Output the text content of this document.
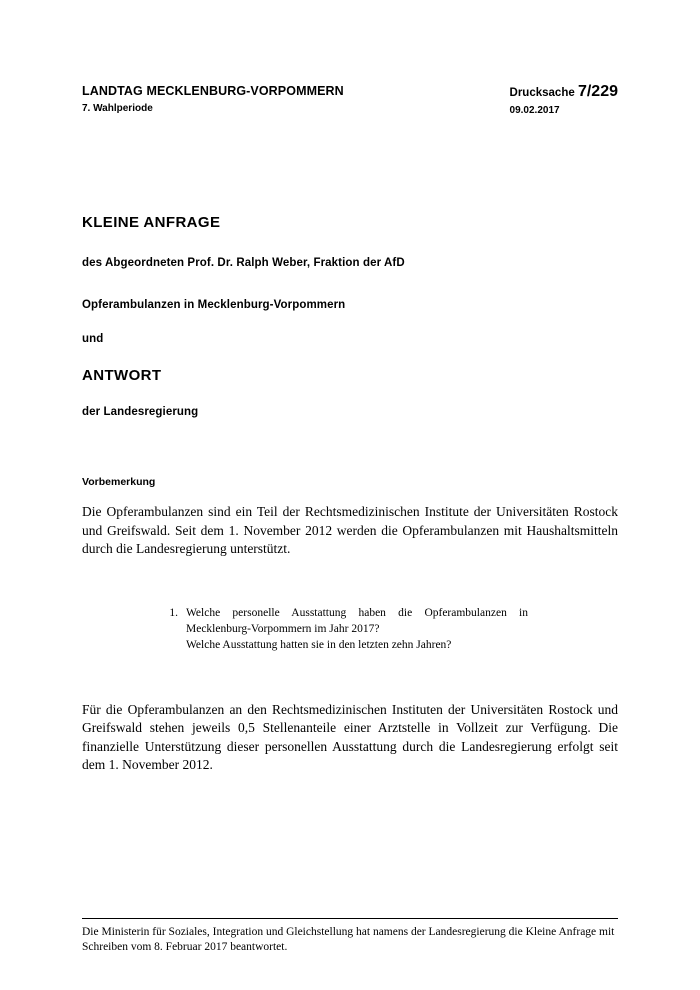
LANDTAG MECKLENBURG-VORPOMMERN
7. Wahlperiode
Drucksache 7/229
09.02.2017
KLEINE ANFRAGE
des Abgeordneten Prof. Dr. Ralph Weber, Fraktion der AfD
Opferambulanzen in Mecklenburg-Vorpommern
und
ANTWORT
der Landesregierung
Vorbemerkung
Die Opferambulanzen sind ein Teil der Rechtsmedizinischen Institute der Universitäten Rostock und Greifswald. Seit dem 1. November 2012 werden die Opferambulanzen mit Haushaltsmitteln durch die Landesregierung unterstützt.
1. Welche personelle Ausstattung haben die Opferambulanzen in Mecklenburg-Vorpommern im Jahr 2017?
Welche Ausstattung hatten sie in den letzten zehn Jahren?
Für die Opferambulanzen an den Rechtsmedizinischen Instituten der Universitäten Rostock und Greifswald stehen jeweils 0,5 Stellenanteile einer Arztstelle in Vollzeit zur Verfügung. Die finanzielle Unterstützung dieser personellen Ausstattung durch die Landesregierung erfolgt seit dem 1. November 2012.
Die Ministerin für Soziales, Integration und Gleichstellung hat namens der Landesregierung die Kleine Anfrage mit Schreiben vom 8. Februar 2017 beantwortet.
